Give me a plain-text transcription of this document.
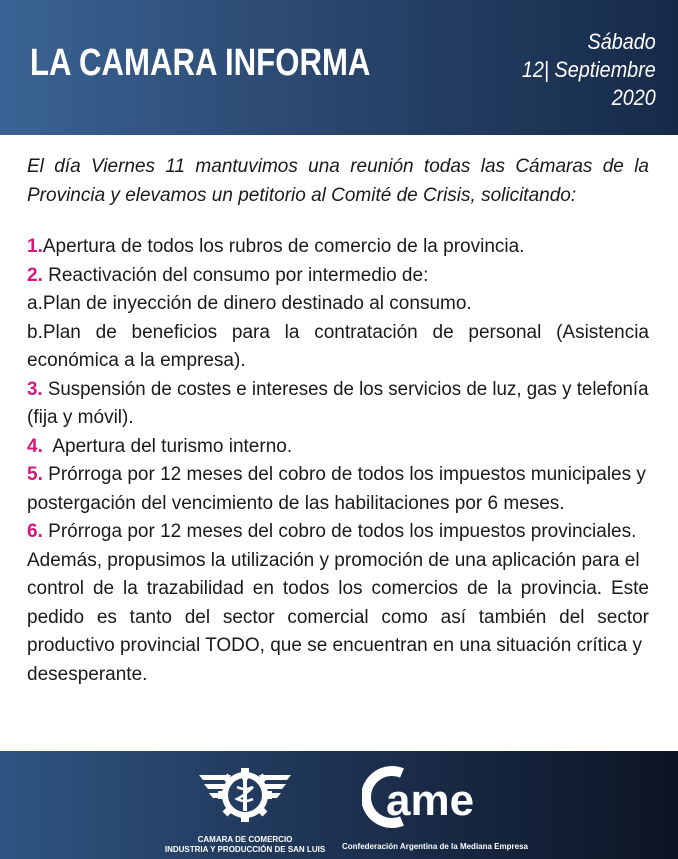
LA CAMARA INFORMA
Sábado
12| Septiembre
2020
El día Viernes 11 mantuvimos una reunión todas las Cámaras de la
Provincia y elevamos un petitorio al Comité de Crisis, solicitando:
1.Apertura de todos los rubros de comercio de la provincia.
2. Reactivación del consumo por intermedio de:
a.Plan de inyección de dinero destinado al consumo.
b.Plan de beneficios para la contratación de personal (Asistencia
económica a la empresa).
3. Suspensión de costes e intereses de los servicios de luz, gas y telefonía
(fija y móvil).
4. Apertura del turismo interno.
5. Prórroga por 12 meses del cobro de todos los impuestos municipales y
postergación del vencimiento de las habilitaciones por 6 meses.
6. Prórroga por 12 meses del cobro de todos los impuestos provinciales.
Además, propusimos la utilización y promoción de una aplicación para el
control de la trazabilidad en todos los comercios de la provincia. Este
pedido es tanto del sector comercial como así también del sector
productivo provincial TODO, que se encuentran en una situación crítica y
desesperante.
CAMARA DE COMERCIO
INDUSTRIA Y PRODUCCIÓN DE SAN LUIS
ame
Confederación Argentina de la Mediana Empresa
